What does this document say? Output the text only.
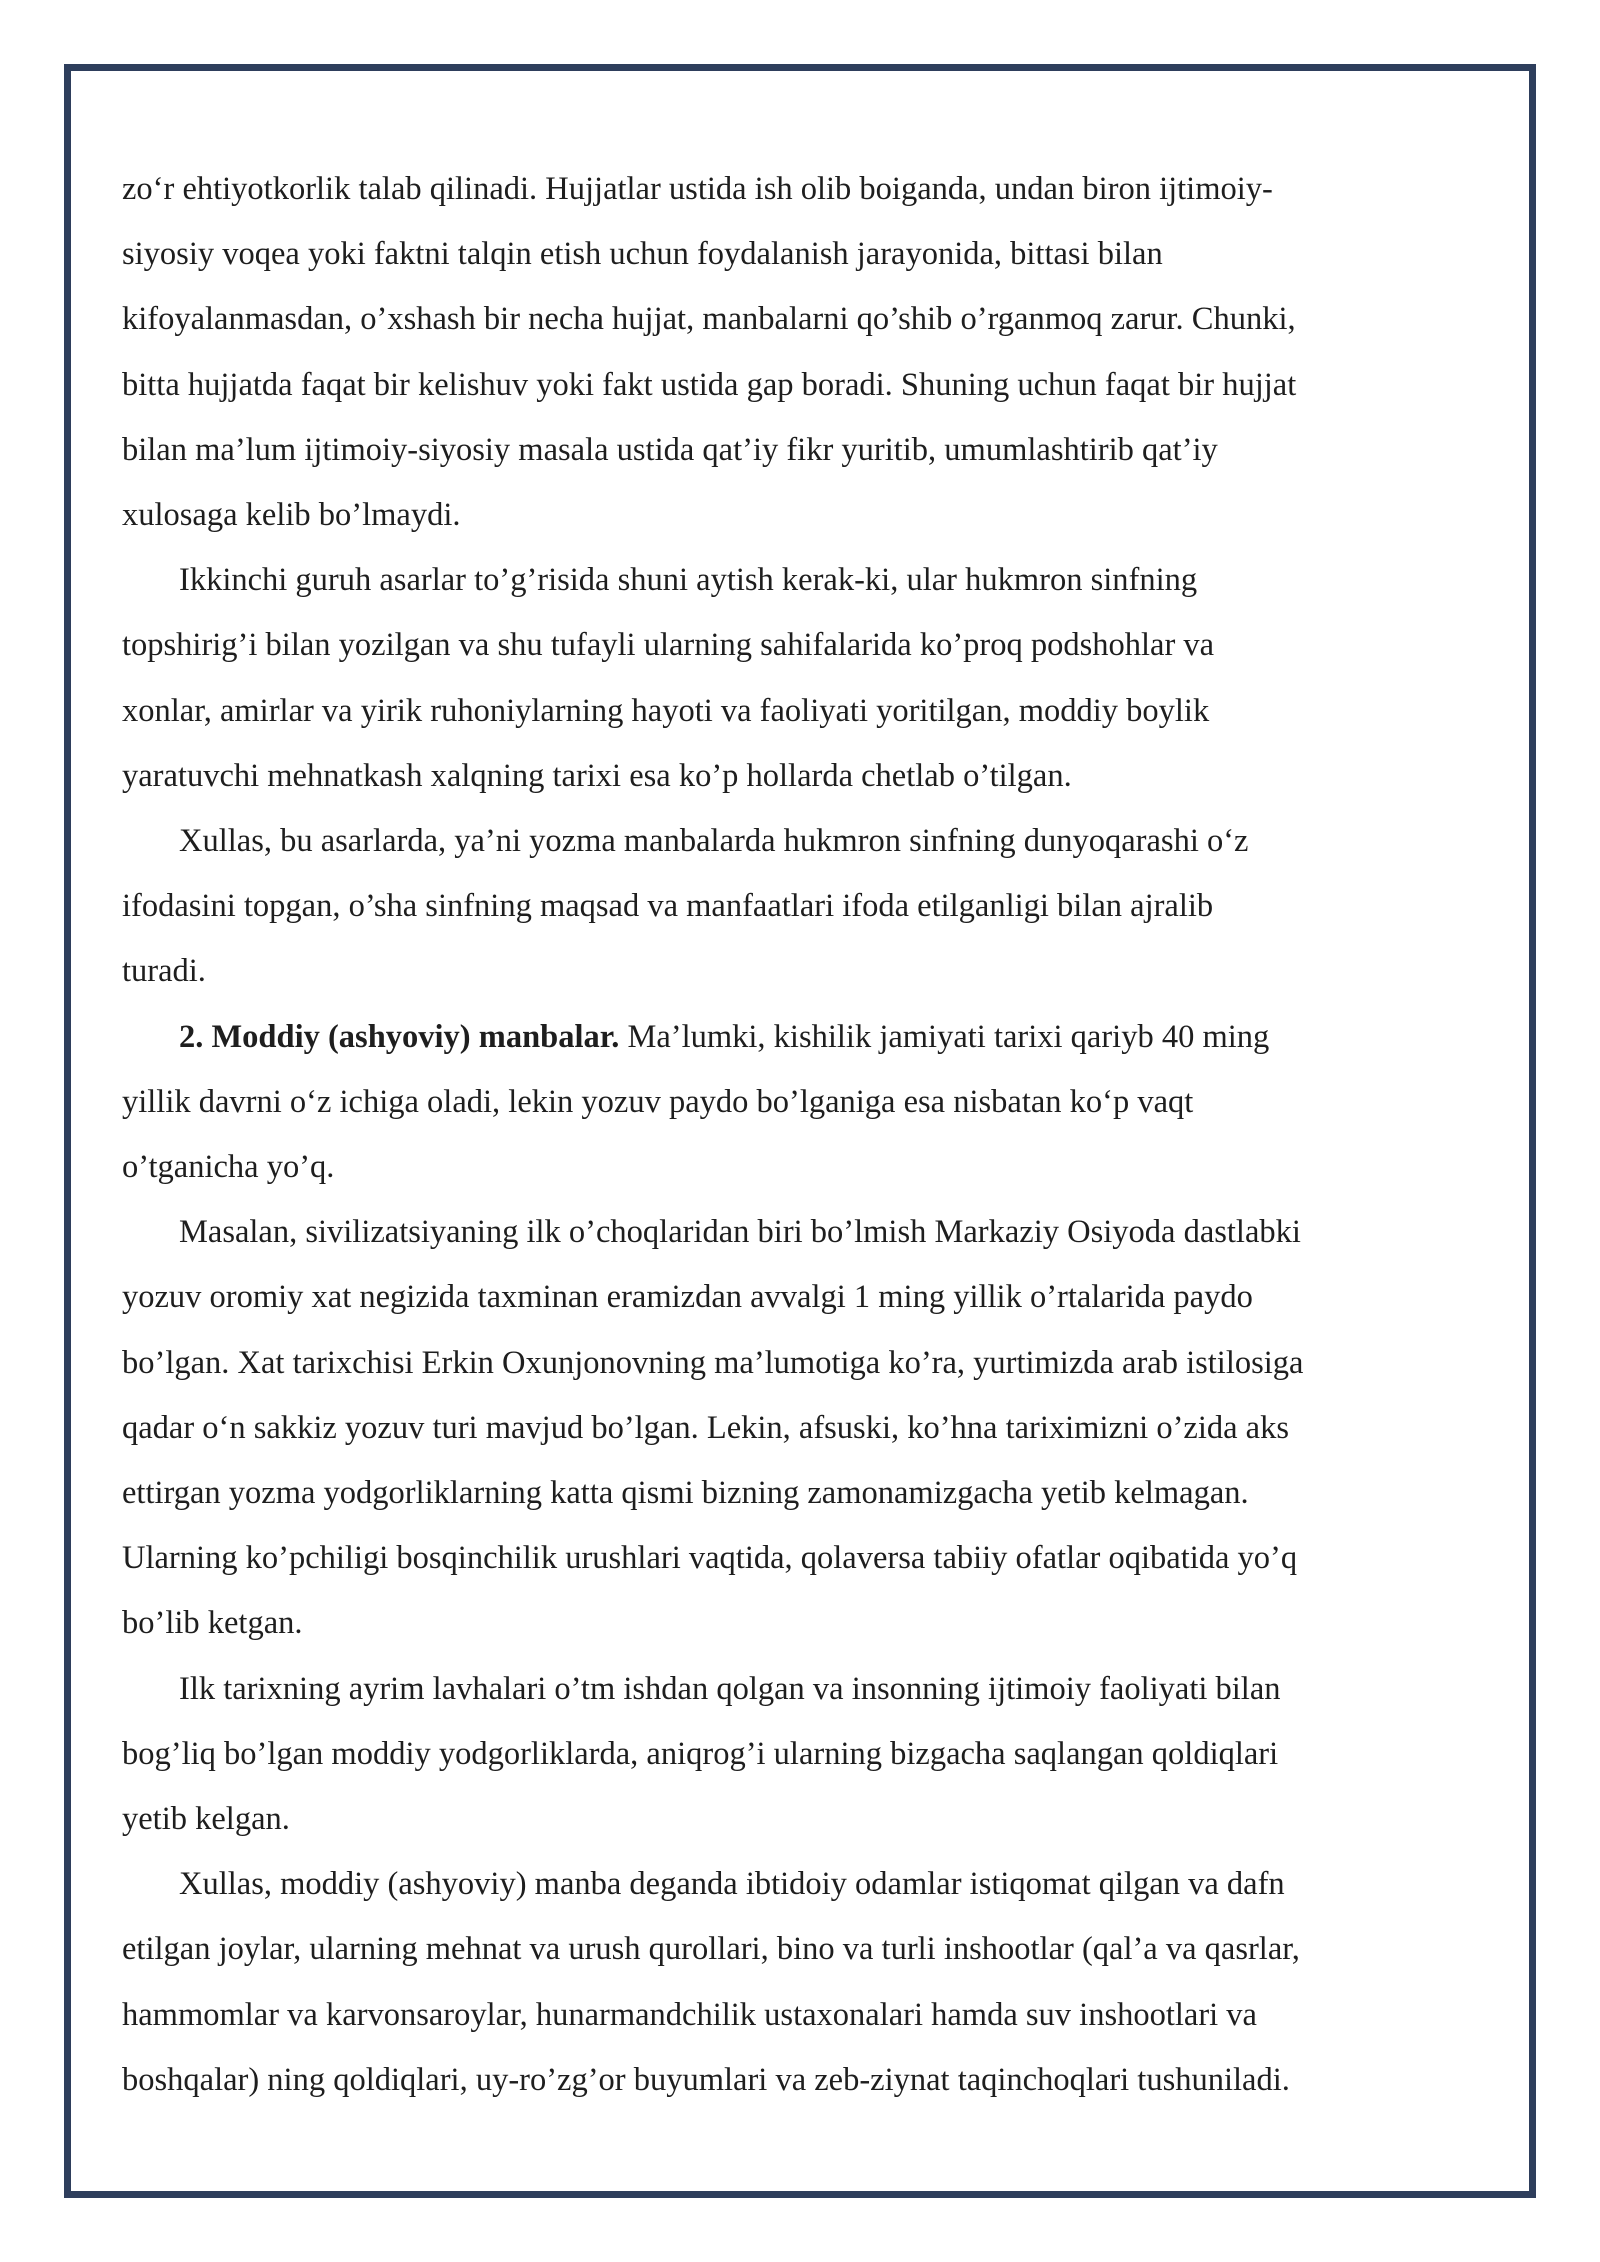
zo‘r ehtiyotkorlik talab qilinadi. Hujjatlar ustida ish olib boiganda, undan biron ijtimoiy-
siyosiy voqea yoki faktni talqin etish uchun foydalanish jarayonida, bittasi bilan
kifoyalanmasdan, o’xshash bir necha hujjat, manbalarni qo’shib o’rganmoq zarur. Chunki,
bitta hujjatda faqat bir kelishuv yoki fakt ustida gap boradi. Shuning uchun faqat bir hujjat
bilan ma’lum ijtimoiy-siyosiy masala ustida qat’iy fikr yuritib, umumlashtirib qat’iy
xulosaga kelib bo’lmaydi.

Ikkinchi guruh asarlar to’g’risida shuni aytish kerak-ki, ular hukmron sinfning
topshirig’i bilan yozilgan va shu tufayli ularning sahifalarida ko’proq podshohlar va
xonlar, amirlar va yirik ruhoniylarning hayoti va faoliyati yoritilgan, moddiy boylik
yaratuvchi mehnatkash xalqning tarixi esa ko’p hollarda chetlab o’tilgan.

Xullas, bu asarlarda, ya’ni yozma manbalarda hukmron sinfning dunyoqarashi o‘z
ifodasini topgan, o’sha sinfning maqsad va manfaatlari ifoda etilganligi bilan ajralib
turadi.

2. Moddiy (ashyoviy) manbalar. Ma’lumki, kishilik jamiyati tarixi qariyb 40 ming
yillik davrni o‘z ichiga oladi, lekin yozuv paydo bo’lganiga esa nisbatan ko‘p vaqt
o’tganicha yo’q.

Masalan, sivilizatsiyaning ilk o’choqlaridan biri bo’lmish Markaziy Osiyoda dastlabki
yozuv oromiy xat negizida taxminan eramizdan avvalgi 1 ming yillik o’rtalarida paydo
bo’lgan. Xat tarixchisi Erkin Oxunjonovning ma’lumotiga ko’ra, yurtimizda arab istilosiga
qadar o‘n sakkiz yozuv turi mavjud bo’lgan. Lekin, afsuski, ko’hna tariximizni o’zida aks
ettirgan yozma yodgorliklarning katta qismi bizning zamonamizgacha yetib kelmagan.
Ularning ko’pchiligi bosqinchilik urushlari vaqtida, qolaversa tabiiy ofatlar oqibatida yo’q
bo’lib ketgan.

Ilk tarixning ayrim lavhalari o’tm ishdan qolgan va insonning ijtimoiy faoliyati bilan
bog’liq bo’lgan moddiy yodgorliklarda, aniqrog’i ularning bizgacha saqlangan qoldiqlari
yetib kelgan.

Xullas, moddiy (ashyoviy) manba deganda ibtidoiy odamlar istiqomat qilgan va dafn
etilgan joylar, ularning mehnat va urush qurollari, bino va turli inshootlar (qal’a va qasrlar,
hammomlar va karvonsaroylar, hunarmandchilik ustaxonalari hamda suv inshootlari va
boshqalar) ning qoldiqlari, uy-ro’zg’or buyumlari va zeb-ziynat taqinchoqlari tushuniladi.
